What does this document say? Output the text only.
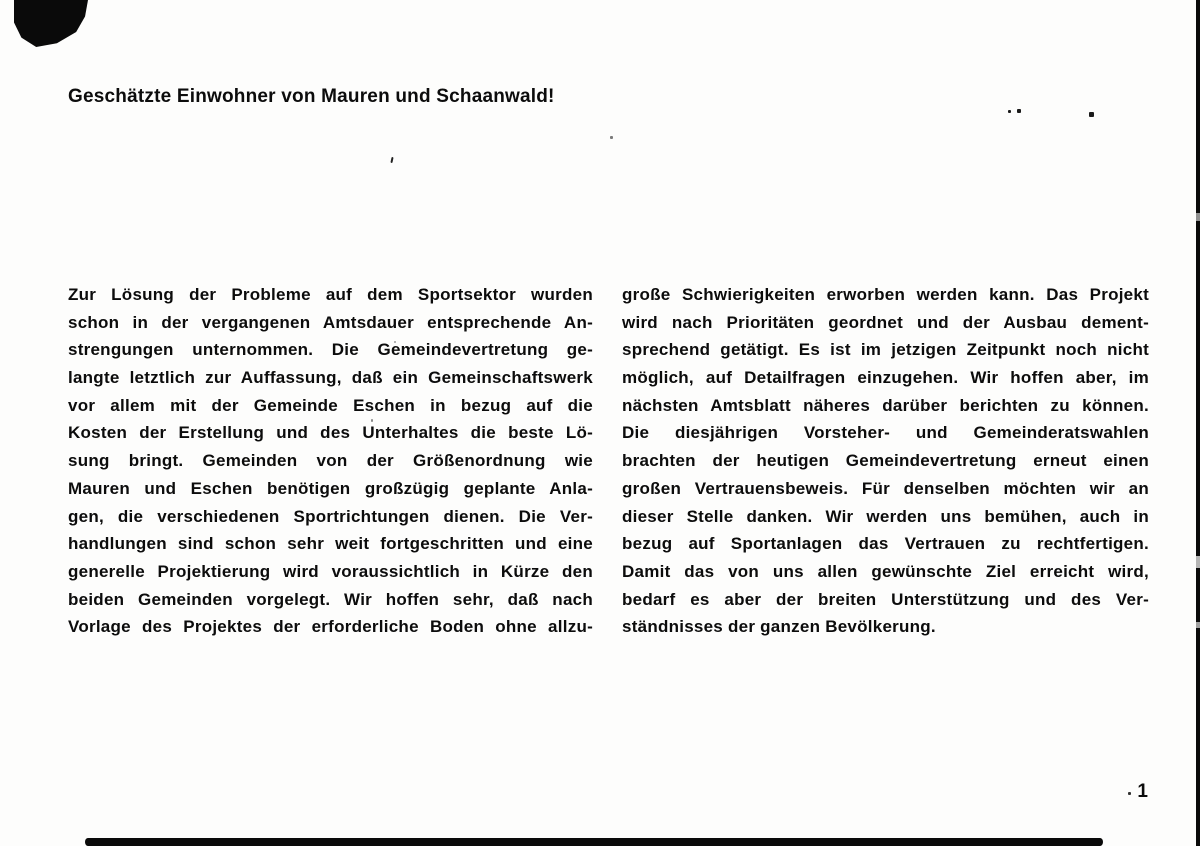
Geschätzte Einwohner von Mauren und Schaanwald!
Zur Lösung der Probleme auf dem Sportsektor wurden
schon in der vergangenen Amtsdauer entsprechende An-
strengungen unternommen. Die Gemeindevertretung ge-
langte letztlich zur Auffassung, daß ein Gemeinschaftswerk
vor allem mit der Gemeinde Eschen in bezug auf die
Kosten der Erstellung und des Unterhaltes die beste Lö-
sung bringt. Gemeinden von der Größenordnung wie
Mauren und Eschen benötigen großzügig geplante Anla-
gen, die verschiedenen Sportrichtungen dienen. Die Ver-
handlungen sind schon sehr weit fortgeschritten und eine
generelle Projektierung wird voraussichtlich in Kürze den
beiden Gemeinden vorgelegt. Wir hoffen sehr, daß nach
Vorlage des Projektes der erforderliche Boden ohne allzu-
große Schwierigkeiten erworben werden kann. Das Projekt
wird nach Prioritäten geordnet und der Ausbau dement-
sprechend getätigt. Es ist im jetzigen Zeitpunkt noch nicht
möglich, auf Detailfragen einzugehen. Wir hoffen aber, im
nächsten Amtsblatt näheres darüber berichten zu können.
Die diesjährigen Vorsteher- und Gemeinderatswahlen
brachten der heutigen Gemeindevertretung erneut einen
großen Vertrauensbeweis. Für denselben möchten wir an
dieser Stelle danken. Wir werden uns bemühen, auch in
bezug auf Sportanlagen das Vertrauen zu rechtfertigen.
Damit das von uns allen gewünschte Ziel erreicht wird,
bedarf es aber der breiten Unterstützung und des Ver-
ständnisses der ganzen Bevölkerung.
1
